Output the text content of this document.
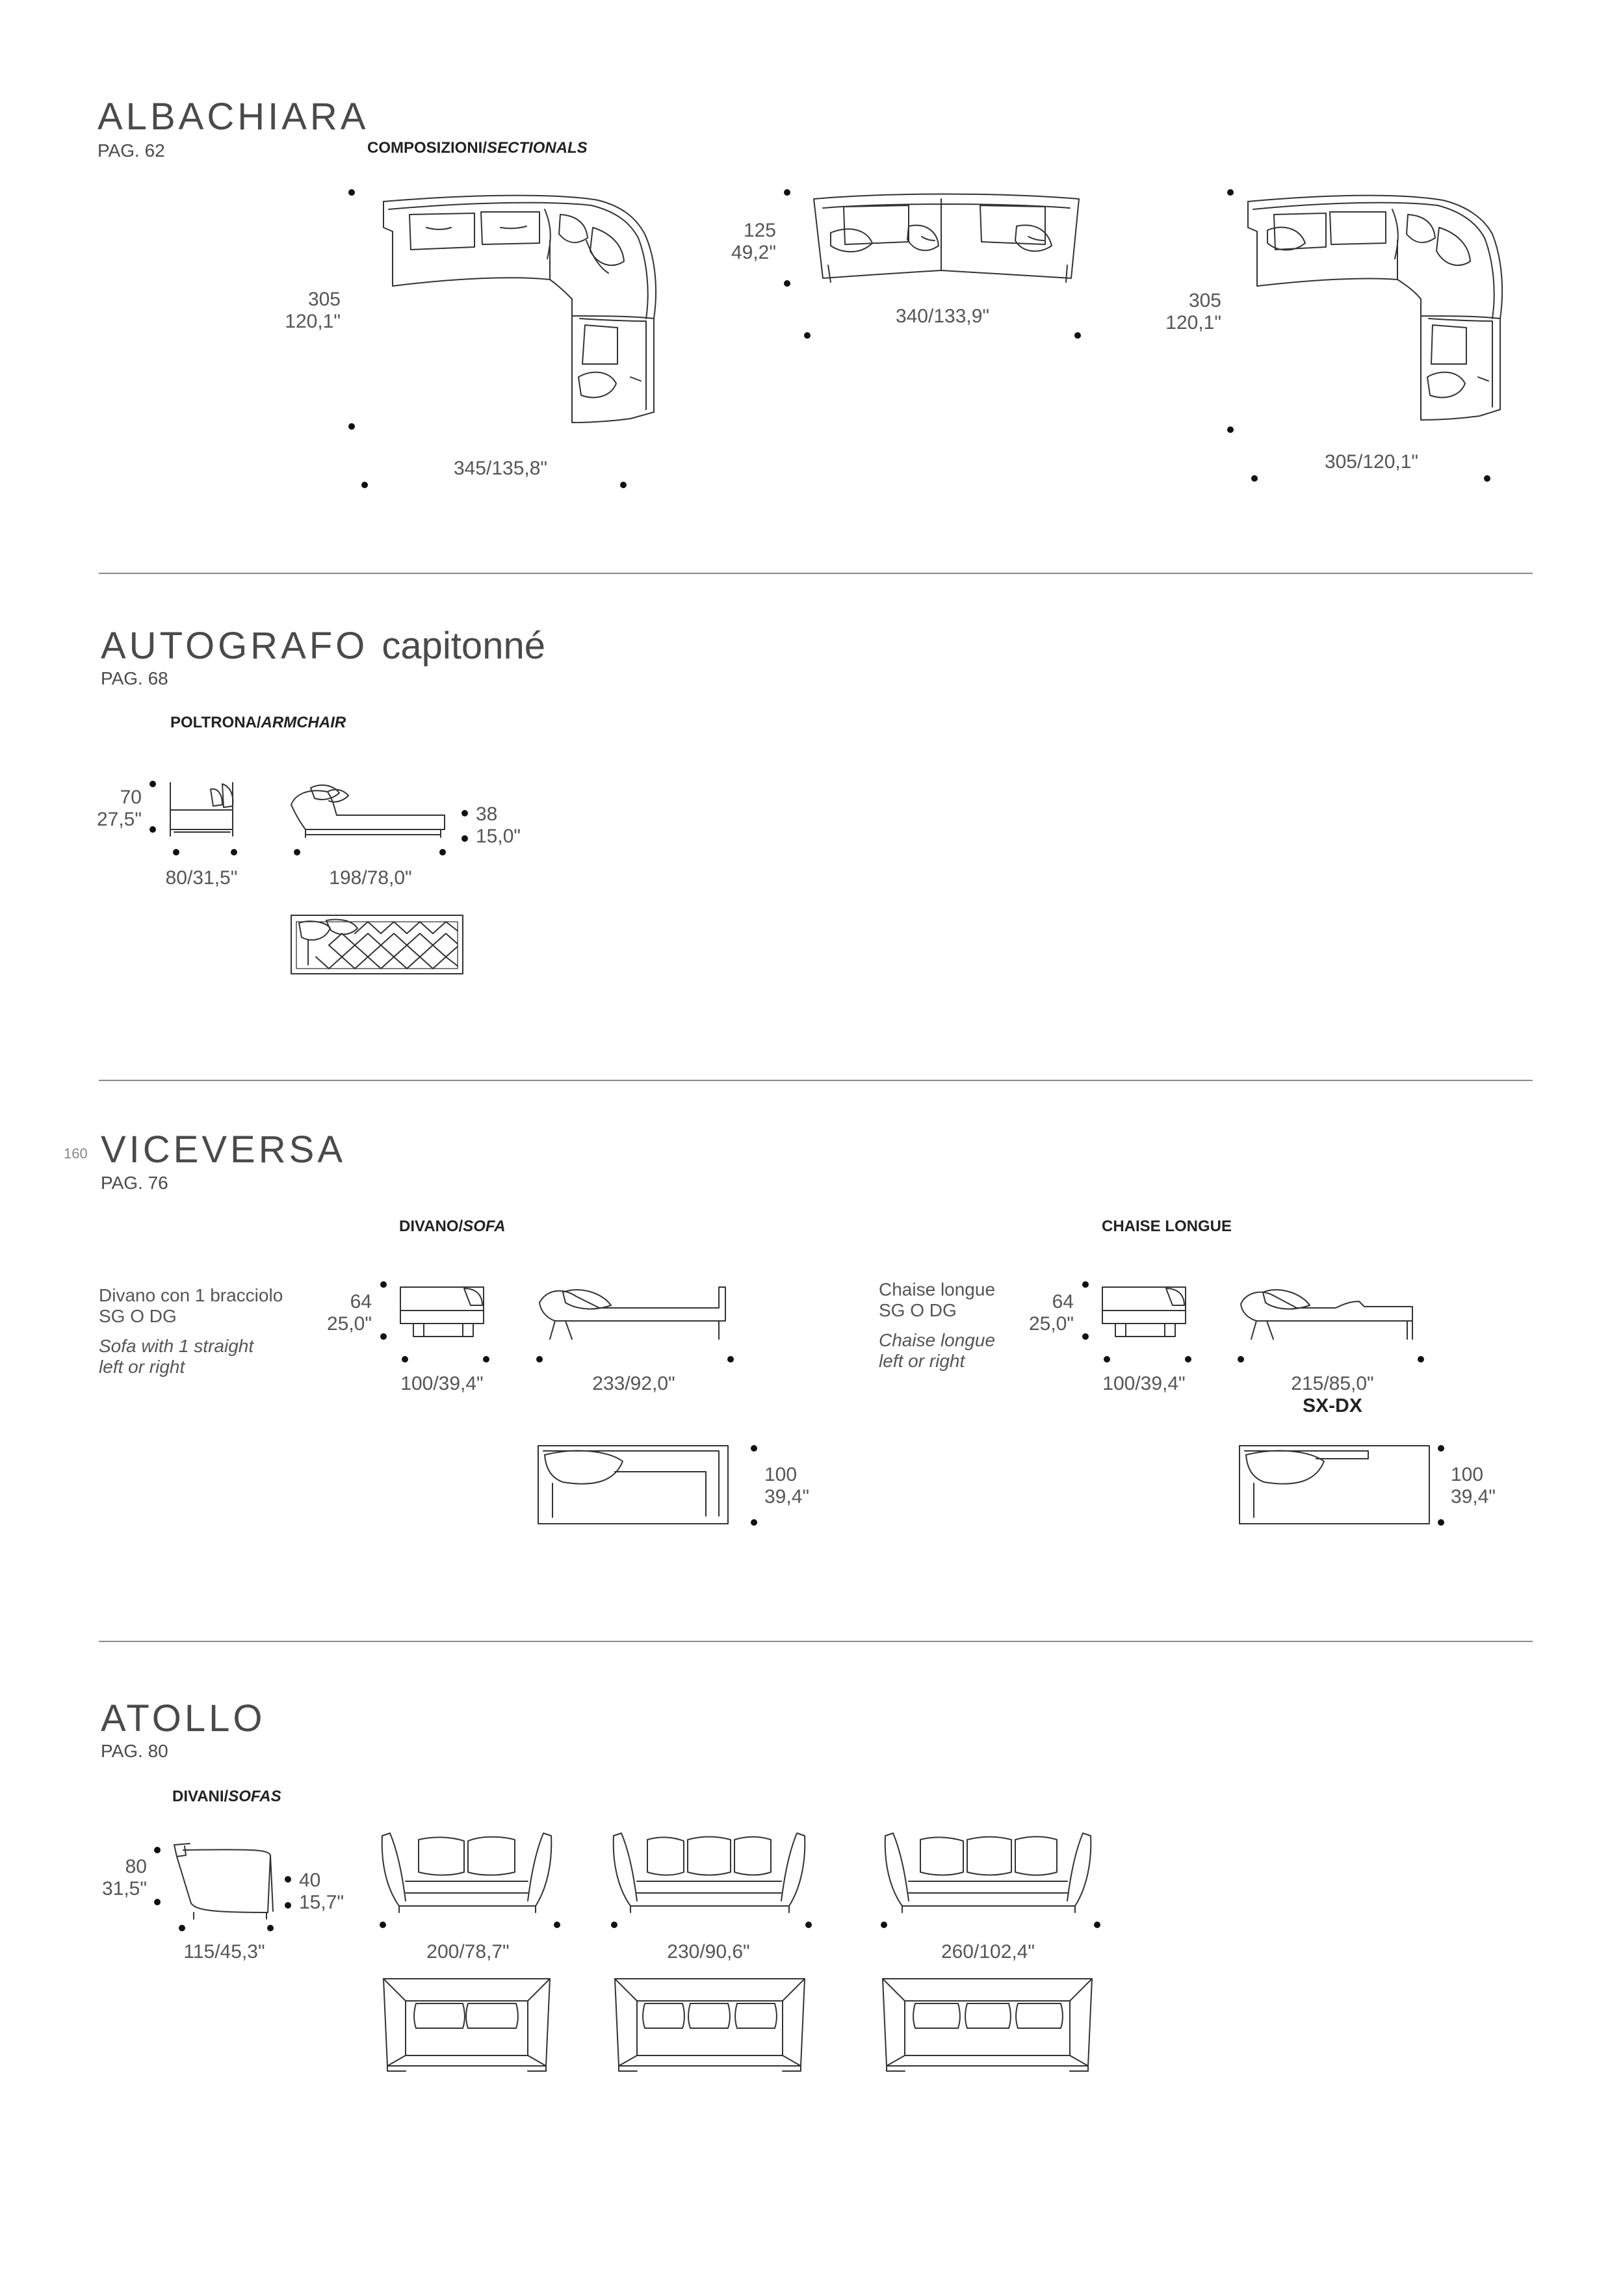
160
ALBACHIARA
PAG. 62	COMPOSIZIONI/SECTIONALS
305
120,1"
345/135,8"
125
49,2"
340/133,9"
305
120,1"
305/120,1"
AUTOGRAFO capitonné
PAG. 68
POLTRONA/ARMCHAIR
70
27,5"
80/31,5"	198/78,0"
38
15,0"
VICEVERSA
PAG. 76
DIVANO/SOFA	CHAISE LONGUE
Divano con 1 bracciolo
SG O DG
Sofa with 1 straight
left or right
Chaise longue
SG O DG
Chaise longue
left or right
64
25,0"
100/39,4"	233/92,0"
100
39,4"
64
25,0"
100/39,4"	215/85,0"
SX-DX
100
39,4"
ATOLLO
PAG. 80
DIVANI/SOFAS
80
31,5"	40
15,7"
115/45,3"	200/78,7"	230/90,6"	260/102,4"
